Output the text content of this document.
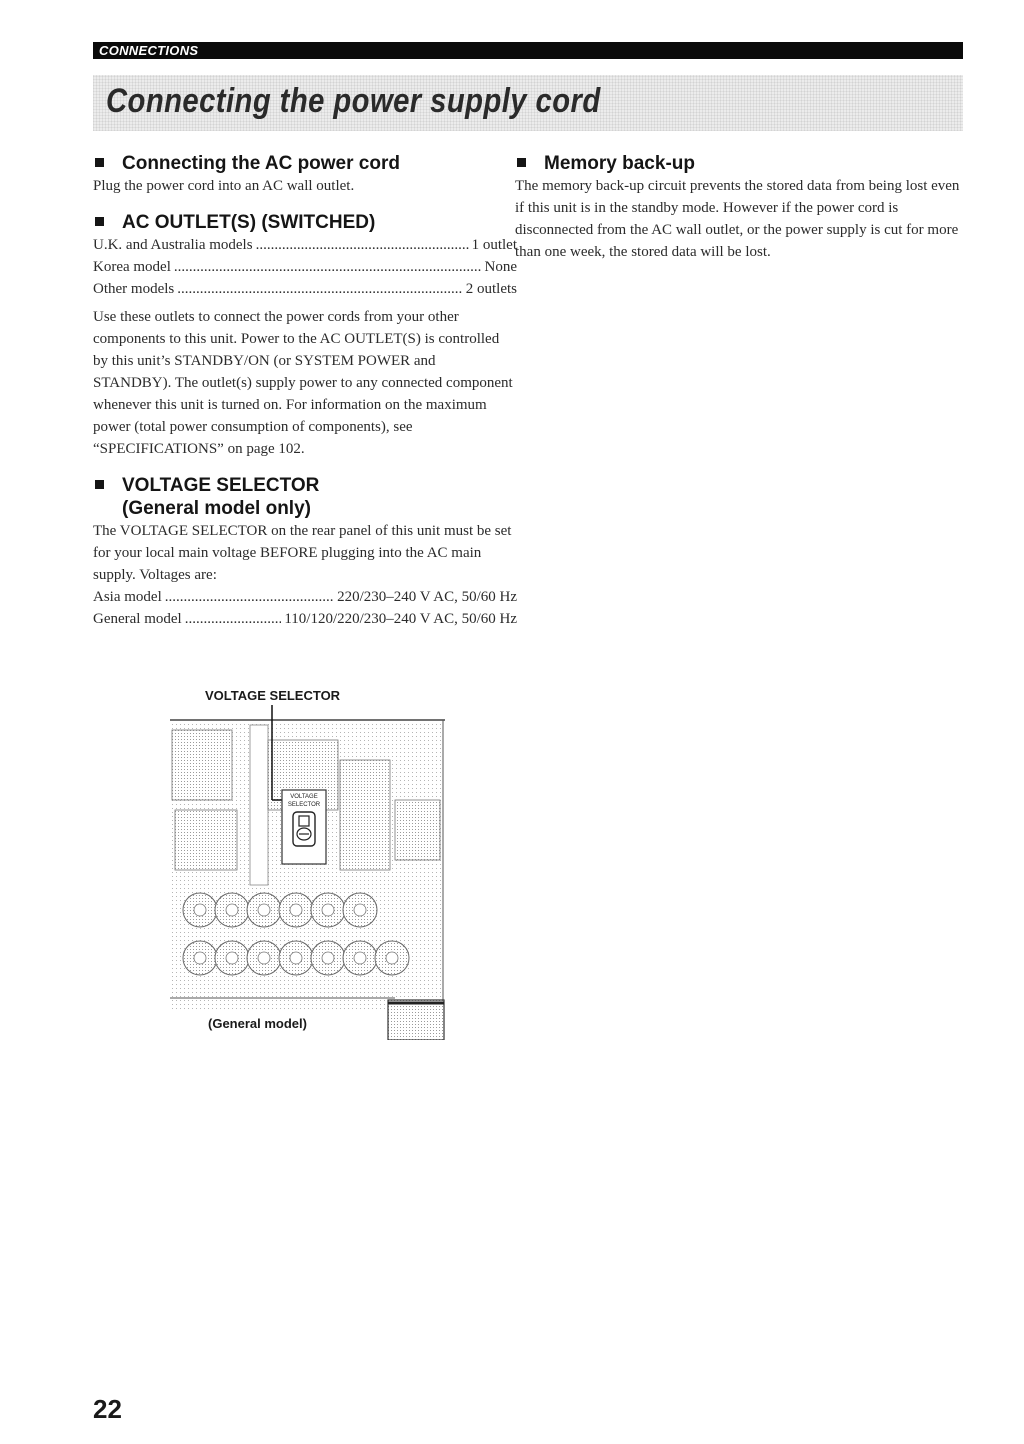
CONNECTIONS
Connecting the power supply cord
Connecting the AC power cord

Plug the power cord into an AC wall outlet.

AC OUTLET(S) (SWITCHED)
U.K. and Australia models .....	1 outlet
Korea model .....	None
Other models .....	2 outlets

Use these outlets to connect the power cords from your other components to this unit. Power to the AC OUTLET(S) is controlled by this unit’s STANDBY/ON (or SYSTEM POWER and STANDBY). The outlet(s) supply power to any connected component whenever this unit is turned on. For information on the maximum power (total power consumption of components), see “SPECIFICATIONS” on page 102.

VOLTAGE SELECTOR
(General model only)

The VOLTAGE SELECTOR on the rear panel of this unit must be set for your local main voltage BEFORE plugging into the AC main supply. Voltages are:

Asia model .....	220/230–240 V AC, 50/60 Hz
General model .....	110/120/220/230–240 V AC, 50/60 Hz
Memory back-up

The memory back-up circuit prevents the stored data from being lost even if this unit is in the standby mode. However if the power cord is disconnected from the AC wall outlet, or the power supply is cut for more than one week, the stored data will be lost.

VOLTAGE SELECTOR
VOLTAGE
SELECTOR
(General model)
22
